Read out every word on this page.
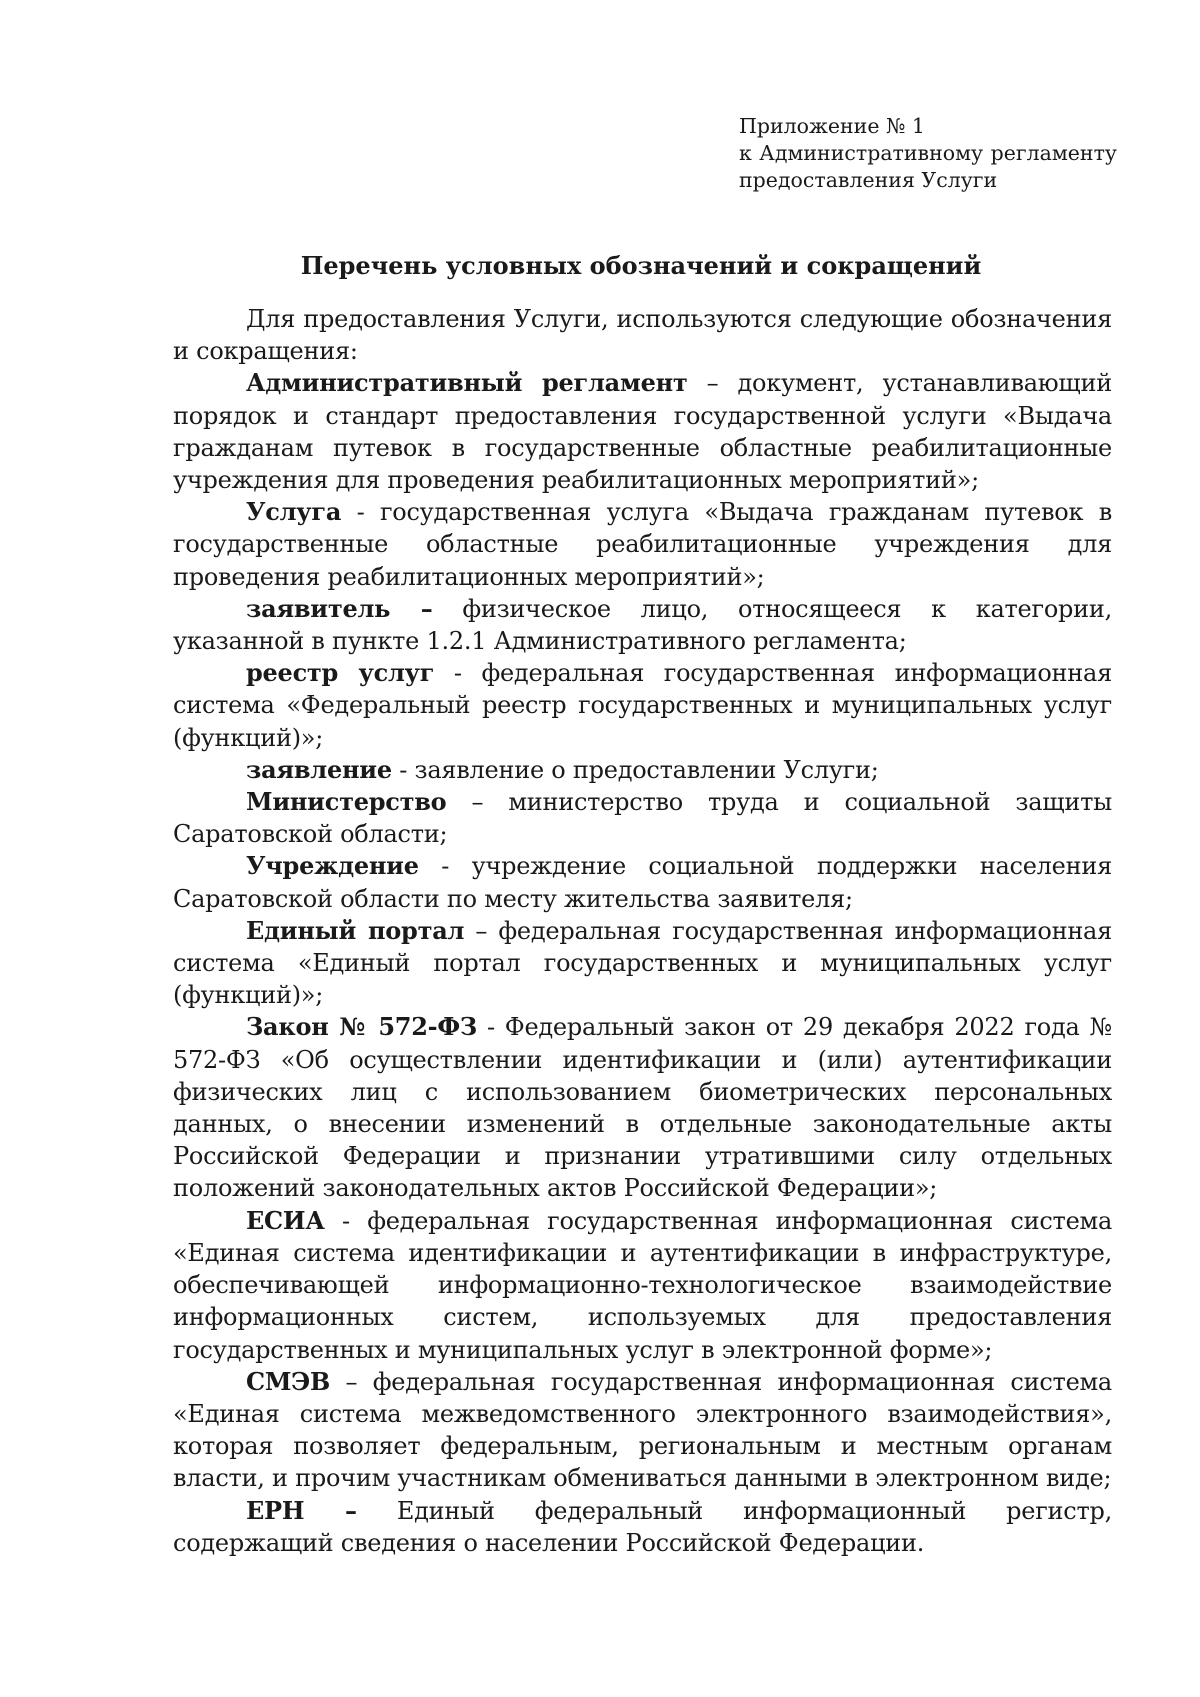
Приложение № 1
к Административному регламенту
предоставления Услуги
Перечень условных обозначений и сокращений

Для предоставления Услуги, используются следующие обозначения и сокращения:

Административный регламент – документ, устанавливающий порядок и стандарт предоставления государственной услуги «Выдача гражданам путевок в государственные областные реабилитационные учреждения для проведения реабилитационных мероприятий»;

Услуга - государственная услуга «Выдача гражданам путевок в государственные областные реабилитационные учреждения для проведения реабилитационных мероприятий»;

заявитель – физическое лицо, относящееся к категории, указанной в пункте 1.2.1 Административного регламента;

реестр услуг - федеральная государственная информационная система «Федеральный реестр государственных и муниципальных услуг (функций)»;

заявление - заявление о предоставлении Услуги;

Министерство – министерство труда и социальной защиты Саратовской области;

Учреждение - учреждение социальной поддержки населения Саратовской области по месту жительства заявителя;

Единый портал – федеральная государственная информационная система «Единый портал государственных и муниципальных услуг (функций)»;

Закон № 572-ФЗ - Федеральный закон от 29 декабря 2022 года № 572-ФЗ «Об осуществлении идентификации и (или) аутентификации физических лиц с использованием биометрических персональных данных, о внесении изменений в отдельные законодательные акты Российской Федерации и признании утратившими силу отдельных положений законодательных актов Российской Федерации»;

ЕСИА - федеральная государственная информационная система «Единая система идентификации и аутентификации в инфраструктуре, обеспечивающей информационно-технологическое взаимодействие информационных систем, используемых для предоставления государственных и муниципальных услуг в электронной форме»;

СМЭВ – федеральная государственная информационная система «Единая система межведомственного электронного взаимодействия», которая позволяет федеральным, региональным и местным органам власти, и прочим участникам обмениваться данными в электронном виде;

ЕРН – Единый федеральный информационный регистр, содержащий сведения о населении Российской Федерации.
